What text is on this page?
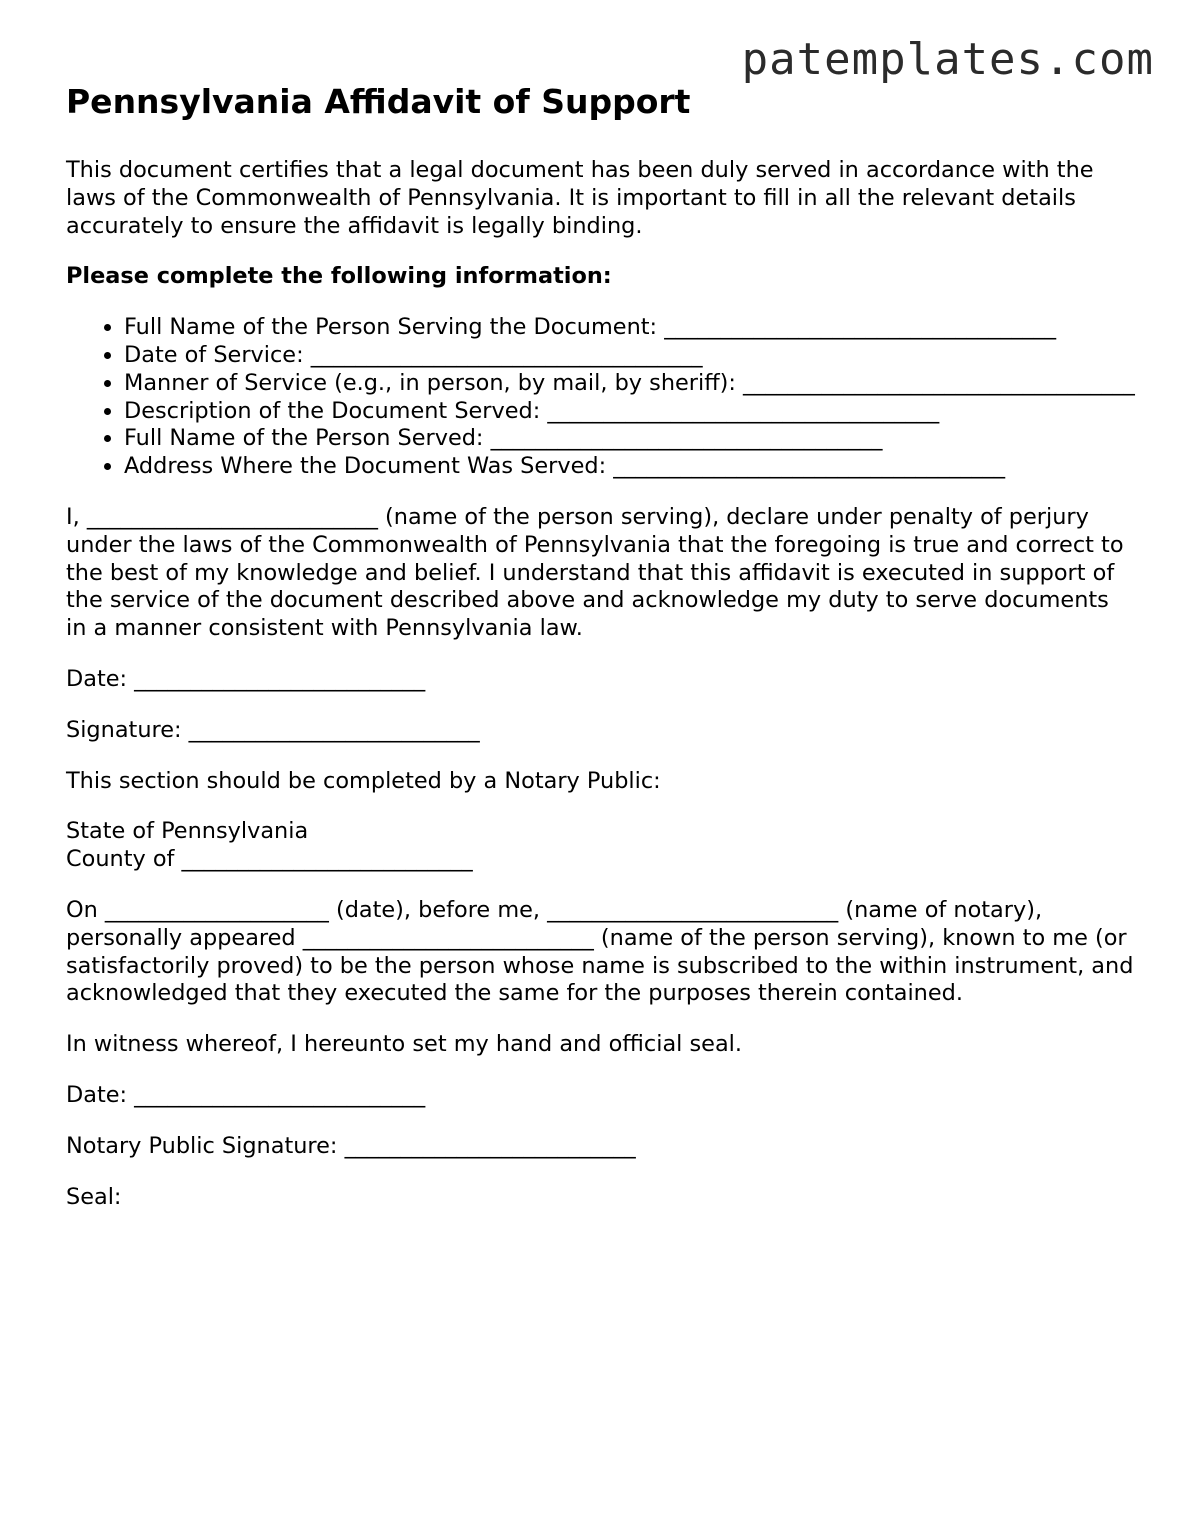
patemplates.com
Pennsylvania Affidavit of Support

This document certifies that a legal document has been duly served in accordance with the laws of the Commonwealth of Pennsylvania. It is important to fill in all the relevant details accurately to ensure the affidavit is legally binding.

Please complete the following information:

• Full Name of the Person Serving the Document: ___________________________________
• Date of Service: ___________________________________
• Manner of Service (e.g., in person, by mail, by sheriff): ___________________________________
• Description of the Document Served: ___________________________________
• Full Name of the Person Served: ___________________________________
• Address Where the Document Was Served: ___________________________________

I, __________________________ (name of the person serving), declare under penalty of perjury under the laws of the Commonwealth of Pennsylvania that the foregoing is true and correct to the best of my knowledge and belief. I understand that this affidavit is executed in support of the service of the document described above and acknowledge my duty to serve documents in a manner consistent with Pennsylvania law.

Date: __________________________

Signature: __________________________

This section should be completed by a Notary Public:

State of Pennsylvania
County of __________________________

On ____________________ (date), before me, __________________________ (name of notary), personally appeared __________________________ (name of the person serving), known to me (or satisfactorily proved) to be the person whose name is subscribed to the within instrument, and acknowledged that they executed the same for the purposes therein contained.

In witness whereof, I hereunto set my hand and official seal.

Date: __________________________

Notary Public Signature: __________________________

Seal:
